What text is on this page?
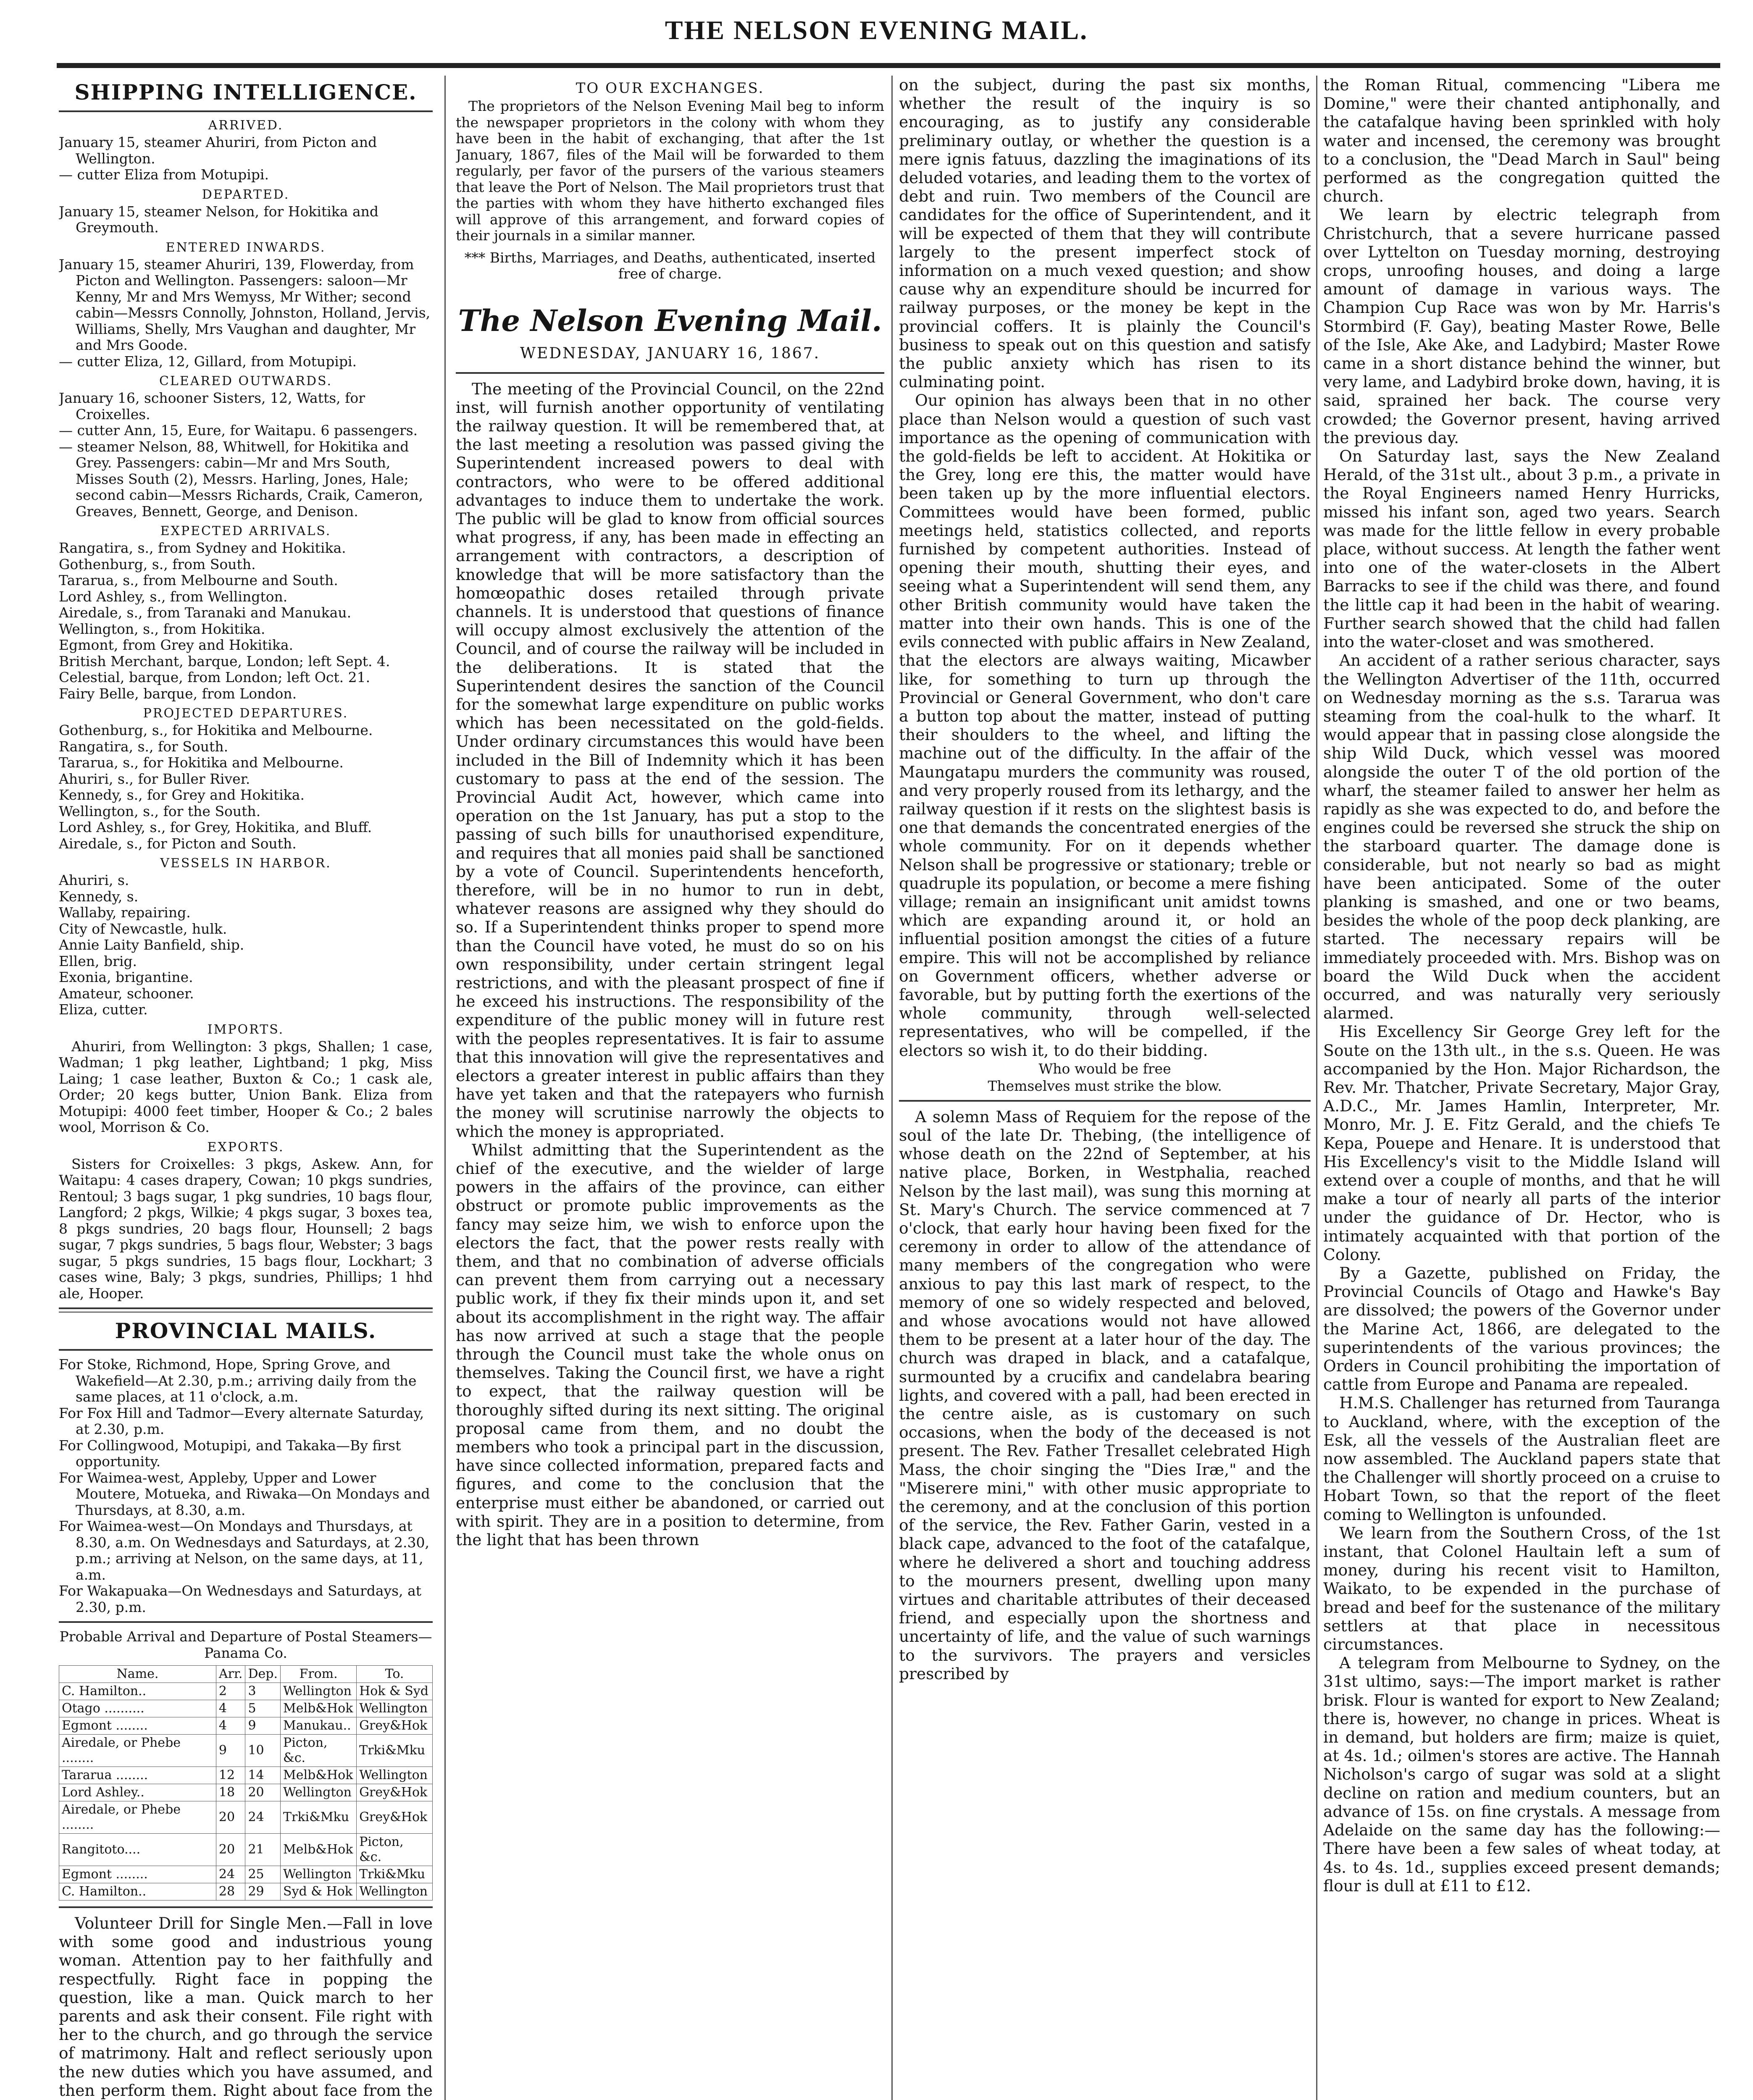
THE NELSON EVENING MAIL.
SHIPPING INTELLIGENCE.
ARRIVED.

January 15, steamer Ahuriri, from Picton and Wellington.

— cutter Eliza from Motupipi.

DEPARTED.

January 15, steamer Nelson, for Hokitika and Greymouth.

ENTERED INWARDS.

January 15, steamer Ahuriri, 139, Flowerday, from Picton and Wellington. Passengers: saloon—Mr Kenny, Mr and Mrs Wemyss, Mr Wither; second cabin—Messrs Connolly, Johnston, Holland, Jervis, Williams, Shelly, Mrs Vaughan and daughter, Mr and Mrs Goode.

— cutter Eliza, 12, Gillard, from Motupipi.

CLEARED OUTWARDS.

January 16, schooner Sisters, 12, Watts, for Croixelles.

— cutter Ann, 15, Eure, for Waitapu. 6 passengers.

— steamer Nelson, 88, Whitwell, for Hokitika and Grey. Passengers: cabin—Mr and Mrs South, Misses South (2), Messrs. Harling, Jones, Hale; second cabin—Messrs Richards, Craik, Cameron, Greaves, Bennett, George, and Denison.

EXPECTED ARRIVALS.

Rangatira, s., from Sydney and Hokitika.

Gothenburg, s., from South.

Tararua, s., from Melbourne and South.

Lord Ashley, s., from Wellington.

Airedale, s., from Taranaki and Manukau.

Wellington, s., from Hokitika.

Egmont, from Grey and Hokitika.

British Merchant, barque, London; left Sept. 4.

Celestial, barque, from London; left Oct. 21.

Fairy Belle, barque, from London.

PROJECTED DEPARTURES.

Gothenburg, s., for Hokitika and Melbourne.

Rangatira, s., for South.

Tararua, s., for Hokitika and Melbourne.

Ahuriri, s., for Buller River.

Kennedy, s., for Grey and Hokitika.

Wellington, s., for the South.

Lord Ashley, s., for Grey, Hokitika, and Bluff.

Airedale, s., for Picton and South.

VESSELS IN HARBOR.

Ahuriri, s.

Kennedy, s.

Wallaby, repairing.

City of Newcastle, hulk.

Annie Laity Banfield, ship.

Ellen, brig.

Exonia, brigantine.

Amateur, schooner.

Eliza, cutter.

IMPORTS.

Ahuriri, from Wellington: 3 pkgs, Shallen; 1 case, Wadman; 1 pkg leather, Lightband; 1 pkg, Miss Laing; 1 case leather, Buxton & Co.; 1 cask ale, Order; 20 kegs butter, Union Bank. Eliza from Motupipi: 4000 feet timber, Hooper & Co.; 2 bales wool, Morrison & Co.

EXPORTS.

Sisters for Croixelles: 3 pkgs, Askew. Ann, for Waitapu: 4 cases drapery, Cowan; 10 pkgs sundries, Rentoul; 3 bags sugar, 1 pkg sundries, 10 bags flour, Langford; 2 pkgs, Wilkie; 4 pkgs sugar, 3 boxes tea, 8 pkgs sundries, 20 bags flour, Hounsell; 2 bags sugar, 7 pkgs sundries, 5 bags flour, Webster; 3 bags sugar, 5 pkgs sundries, 15 bags flour, Lockhart; 3 cases wine, Baly; 3 pkgs, sundries, Phillips; 1 hhd ale, Hooper.

PROVINCIAL MAILS.

For Stoke, Richmond, Hope, Spring Grove, and Wakefield—At 2.30, p.m.; arriving daily from the same places, at 11 o'clock, a.m.

For Fox Hill and Tadmor—Every alternate Saturday, at 2.30, p.m.

For Collingwood, Motupipi, and Takaka—By first opportunity.

For Waimea-west, Appleby, Upper and Lower Moutere, Motueka, and Riwaka—On Mondays and Thursdays, at 8.30, a.m.

For Waimea-west—On Mondays and Thursdays, at 8.30, a.m. On Wednesdays and Saturdays, at 2.30, p.m.; arriving at Nelson, on the same days, at 11, a.m.

For Wakapuaka—On Wednesdays and Saturdays, at 2.30, p.m.

Probable Arrival and Departure of Postal Steamers—Panama Co.

Name.	Arr.	Dep.	From.	To.
C. Hamilton..	2	3	Wellington	Hok & Syd
Otago ..........	4	5	Melb&Hok	Wellington
Egmont ........	4	9	Manukau..	Grey&Hok
Airedale, or Phebe ........	9	10	Picton, &c.	Trki&Mku
Tararua ........	12	14	Melb&Hok	Wellington
Lord Ashley..	18	20	Wellington	Grey&Hok
Airedale, or Phebe ........	20	24	Trki&Mku	Grey&Hok
Rangitoto....	20	21	Melb&Hok	Picton, &c.
Egmont ........	24	25	Wellington	Trki&Mku
C. Hamilton..	28	29	Syd & Hok	Wellington

Volunteer Drill for Single Men.—Fall in love with some good and industrious young woman. Attention pay to her faithfully and respectfully. Right face in popping the question, like a man. Quick march to her parents and ask their consent. File right with her to the church, and go through the service of matrimony. Halt and reflect seriously upon the new duties which you have assumed, and then perform them. Right about face from the

TO OUR EXCHANGES.

The proprietors of the Nelson Evening Mail beg to inform the newspaper proprietors in the colony with whom they have been in the habit of exchanging, that after the 1st January, 1867, files of the Mail will be forwarded to them regularly, per favor of the pursers of the various steamers that leave the Port of Nelson. The Mail proprietors trust that the parties with whom they have hitherto exchanged files will approve of this arrangement, and forward copies of their journals in a similar manner.

*** Births, Marriages, and Deaths, authenticated, inserted free of charge.

The Nelson Evening Mail.
WEDNESDAY, JANUARY 16, 1867.

The meeting of the Provincial Council, on the 22nd inst, will furnish another opportunity of ventilating the railway question. It will be remembered that, at the last meeting a resolution was passed giving the Superintendent increased powers to deal with contractors, who were to be offered additional advantages to induce them to undertake the work. The public will be glad to know from official sources what progress, if any, has been made in effecting an arrangement with contractors, a description of knowledge that will be more satisfactory than the homœopathic doses retailed through private channels. It is understood that questions of finance will occupy almost exclusively the attention of the Council, and of course the railway will be included in the deliberations. It is stated that the Superintendent desires the sanction of the Council for the somewhat large expenditure on public works which has been necessitated on the gold-fields. Under ordinary circumstances this would have been included in the Bill of Indemnity which it has been customary to pass at the end of the session. The Provincial Audit Act, however, which came into operation on the 1st January, has put a stop to the passing of such bills for unauthorised expenditure, and requires that all monies paid shall be sanctioned by a vote of Council. Superintendents henceforth, therefore, will be in no humor to run in debt, whatever reasons are assigned why they should do so. If a Superintendent thinks proper to spend more than the Council have voted, he must do so on his own responsibility, under certain stringent legal restrictions, and with the pleasant prospect of fine if he exceed his instructions. The responsibility of the expenditure of the public money will in future rest with the peoples representatives. It is fair to assume that this innovation will give the representatives and electors a greater interest in public affairs than they have yet taken and that the ratepayers who furnish the money will scrutinise narrowly the objects to which the money is appropriated.

Whilst admitting that the Superintendent as the chief of the executive, and the wielder of large powers in the affairs of the province, can either obstruct or promote public improvements as the fancy may seize him, we wish to enforce upon the electors the fact, that the power rests really with them, and that no combination of adverse officials can prevent them from carrying out a necessary public work, if they fix their minds upon it, and set about its accomplishment in the right way. The affair has now arrived at such a stage that the people through the Council must take the whole onus on themselves. Taking the Council first, we have a right to expect, that the railway question will be thoroughly sifted during its next sitting. The original proposal came from them, and no doubt the members who took a principal part in the discussion, have since collected information, prepared facts and figures, and come to the conclusion that the enterprise must either be abandoned, or carried out with spirit. They are in a position to determine, from the light that has been thrown

on the subject, during the past six months, whether the result of the inquiry is so encouraging, as to justify any considerable preliminary outlay, or whether the question is a mere ignis fatuus, dazzling the imaginations of its deluded votaries, and leading them to the vortex of debt and ruin. Two members of the Council are candidates for the office of Superintendent, and it will be expected of them that they will contribute largely to the present imperfect stock of information on a much vexed question; and show cause why an expenditure should be incurred for railway purposes, or the money be kept in the provincial coffers. It is plainly the Council's business to speak out on this question and satisfy the public anxiety which has risen to its culminating point.

Our opinion has always been that in no other place than Nelson would a question of such vast importance as the opening of communication with the gold-fields be left to accident. At Hokitika or the Grey, long ere this, the matter would have been taken up by the more influential electors. Committees would have been formed, public meetings held, statistics collected, and reports furnished by competent authorities. Instead of opening their mouth, shutting their eyes, and seeing what a Superintendent will send them, any other British community would have taken the matter into their own hands. This is one of the evils connected with public affairs in New Zealand, that the electors are always waiting, Micawber like, for something to turn up through the Provincial or General Government, who don't care a button top about the matter, instead of putting their shoulders to the wheel, and lifting the machine out of the difficulty. In the affair of the Maungatapu murders the community was roused, and very properly roused from its lethargy, and the railway question if it rests on the slightest basis is one that demands the concentrated energies of the whole community. For on it depends whether Nelson shall be progressive or stationary; treble or quadruple its population, or become a mere fishing village; remain an insignificant unit amidst towns which are expanding around it, or hold an influential position amongst the cities of a future empire. This will not be accomplished by reliance on Government officers, whether adverse or favorable, but by putting forth the exertions of the whole community, through well-selected representatives, who will be compelled, if the electors so wish it, to do their bidding.

Who would be free

Themselves must strike the blow.

A solemn Mass of Requiem for the repose of the soul of the late Dr. Thebing, (the intelligence of whose death on the 22nd of September, at his native place, Borken, in Westphalia, reached Nelson by the last mail), was sung this morning at St. Mary's Church. The service commenced at 7 o'clock, that early hour having been fixed for the ceremony in order to allow of the attendance of many members of the congregation who were anxious to pay this last mark of respect, to the memory of one so widely respected and beloved, and whose avocations would not have allowed them to be present at a later hour of the day. The church was draped in black, and a catafalque, surmounted by a crucifix and candelabra bearing lights, and covered with a pall, had been erected in the centre aisle, as is customary on such occasions, when the body of the deceased is not present. The Rev. Father Tresallet celebrated High Mass, the choir singing the "Dies Iræ," and the "Miserere mini," with other music appropriate to the ceremony, and at the conclusion of this portion of the service, the Rev. Father Garin, vested in a black cape, advanced to the foot of the catafalque, where he delivered a short and touching address to the mourners present, dwelling upon many virtues and charitable attributes of their deceased friend, and especially upon the shortness and uncertainty of life, and the value of such warnings to the survivors. The prayers and versicles prescribed by

the Roman Ritual, commencing "Libera me Domine," were their chanted antiphonally, and the catafalque having been sprinkled with holy water and incensed, the ceremony was brought to a conclusion, the "Dead March in Saul" being performed as the congregation quitted the church.

We learn by electric telegraph from Christchurch, that a severe hurricane passed over Lyttelton on Tuesday morning, destroying crops, unroofing houses, and doing a large amount of damage in various ways. The Champion Cup Race was won by Mr. Harris's Stormbird (F. Gay), beating Master Rowe, Belle of the Isle, Ake Ake, and Ladybird; Master Rowe came in a short distance behind the winner, but very lame, and Ladybird broke down, having, it is said, sprained her back. The course very crowded; the Governor present, having arrived the previous day.

On Saturday last, says the New Zealand Herald, of the 31st ult., about 3 p.m., a private in the Royal Engineers named Henry Hurricks, missed his infant son, aged two years. Search was made for the little fellow in every probable place, without success. At length the father went into one of the water-closets in the Albert Barracks to see if the child was there, and found the little cap it had been in the habit of wearing. Further search showed that the child had fallen into the water-closet and was smothered.

An accident of a rather serious character, says the Wellington Advertiser of the 11th, occurred on Wednesday morning as the s.s. Tararua was steaming from the coal-hulk to the wharf. It would appear that in passing close alongside the ship Wild Duck, which vessel was moored alongside the outer T of the old portion of the wharf, the steamer failed to answer her helm as rapidly as she was expected to do, and before the engines could be reversed she struck the ship on the starboard quarter. The damage done is considerable, but not nearly so bad as might have been anticipated. Some of the outer planking is smashed, and one or two beams, besides the whole of the poop deck planking, are started. The necessary repairs will be immediately proceeded with. Mrs. Bishop was on board the Wild Duck when the accident occurred, and was naturally very seriously alarmed.

His Excellency Sir George Grey left for the Soute on the 13th ult., in the s.s. Queen. He was accompanied by the Hon. Major Richardson, the Rev. Mr. Thatcher, Private Secretary, Major Gray, A.D.C., Mr. James Hamlin, Interpreter, Mr. Monro, Mr. J. E. Fitz Gerald, and the chiefs Te Kepa, Pouepe and Henare. It is understood that His Excellency's visit to the Middle Island will extend over a couple of months, and that he will make a tour of nearly all parts of the interior under the guidance of Dr. Hector, who is intimately acquainted with that portion of the Colony.

By a Gazette, published on Friday, the Provincial Councils of Otago and Hawke's Bay are dissolved; the powers of the Governor under the Marine Act, 1866, are delegated to the superintendents of the various provinces; the Orders in Council prohibiting the importation of cattle from Europe and Panama are repealed.

H.M.S. Challenger has returned from Tauranga to Auckland, where, with the exception of the Esk, all the vessels of the Australian fleet are now assembled. The Auckland papers state that the Challenger will shortly proceed on a cruise to Hobart Town, so that the report of the fleet coming to Wellington is unfounded.

We learn from the Southern Cross, of the 1st instant, that Colonel Haultain left a sum of money, during his recent visit to Hamilton, Waikato, to be expended in the purchase of bread and beef for the sustenance of the military settlers at that place in necessitous circumstances.

A telegram from Melbourne to Sydney, on the 31st ultimo, says:—The import market is rather brisk. Flour is wanted for export to New Zealand; there is, however, no change in prices. Wheat is in demand, but holders are firm; maize is quiet, at 4s. 1d.; oilmen's stores are active. The Hannah Nicholson's cargo of sugar was sold at a slight decline on ration and medium counters, but an advance of 15s. on fine crystals. A message from Adelaide on the same day has the following:— There have been a few sales of wheat today, at 4s. to 4s. 1d., supplies exceed present demands; flour is dull at £11 to £12.
